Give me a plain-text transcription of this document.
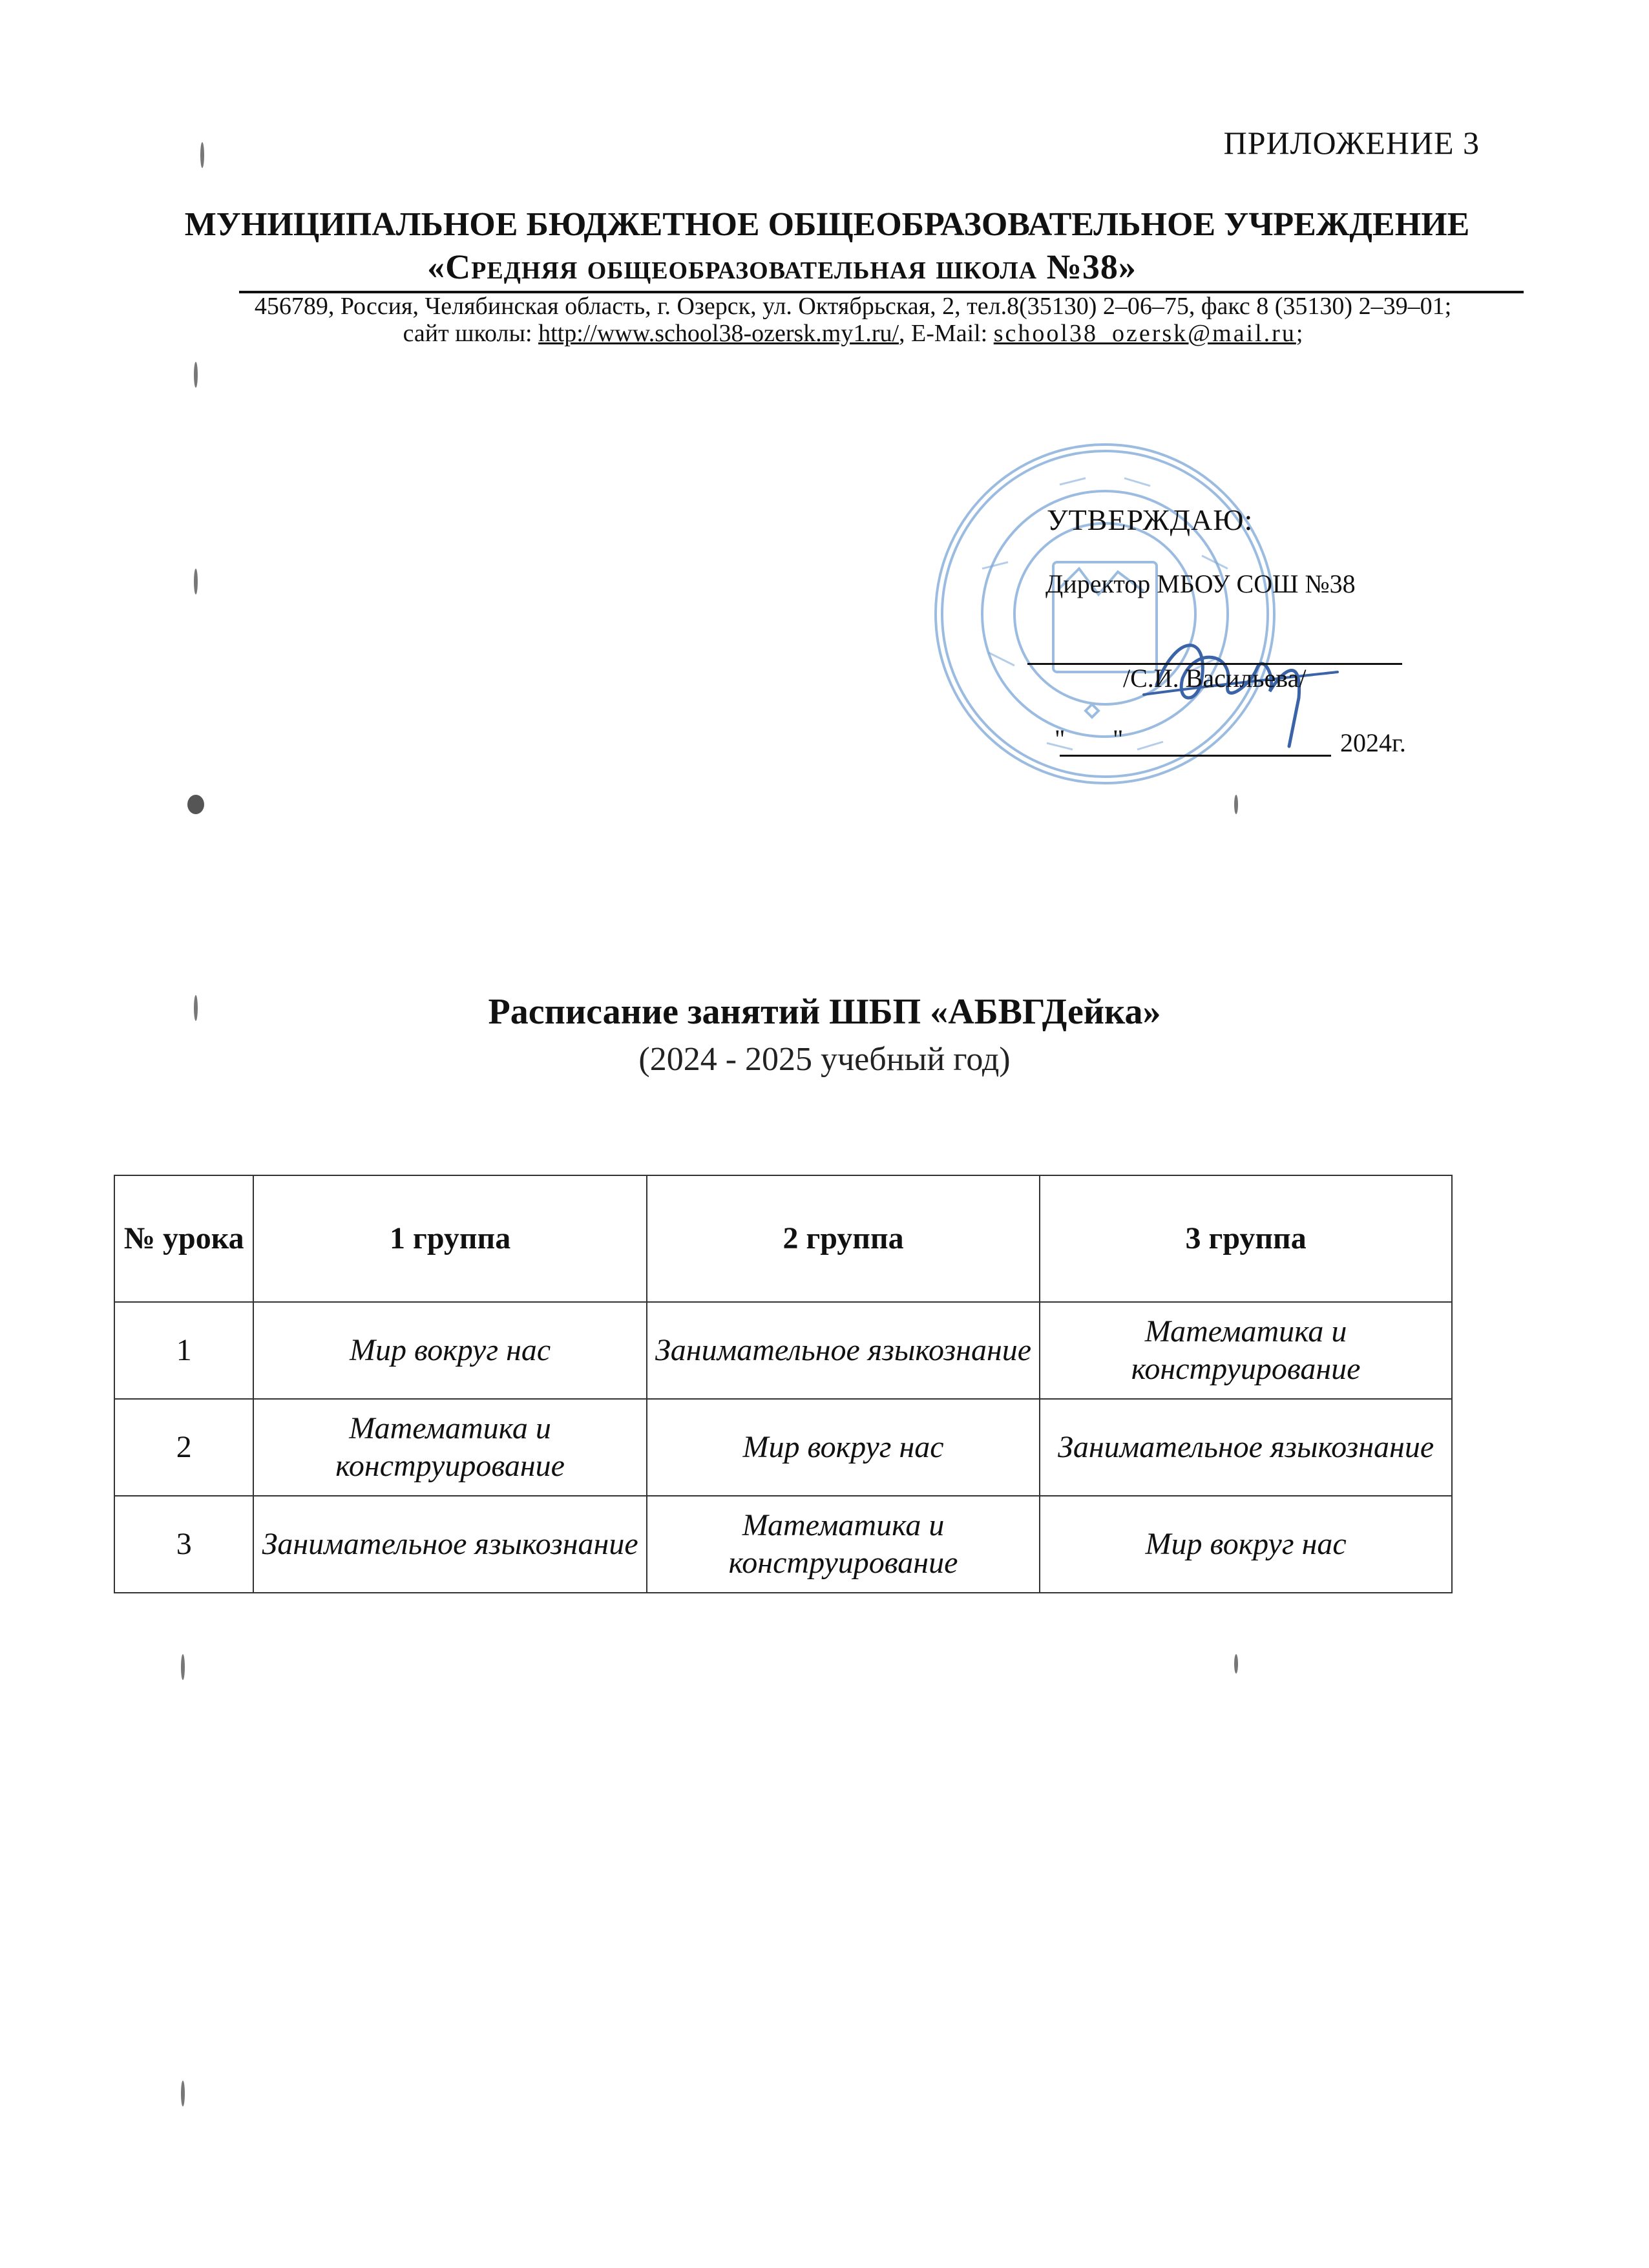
ПРИЛОЖЕНИЕ 3
МУНИЦИПАЛЬНОЕ БЮДЖЕТНОЕ ОБЩЕОБРАЗОВАТЕЛЬНОЕ УЧРЕЖДЕНИЕ
«Средняя общеобразовательная школа №38»
456789, Россия, Челябинская область, г. Озерск, ул. Октябрьская, 2, тел.8(35130) 2–06–75, факс 8 (35130) 2–39–01;
сайт школы: http://www.school38-ozersk.my1.ru/, E-Mail: school38_ozersk@mail.ru;
УТВЕРЖДАЮ:
Директор МБОУ СОШ №38
/С.И. Васильева/
" "	2024г.
Расписание занятий ШБП «АБВГДейка»
(2024 - 2025 учебный год)
№ урока	1 группа	2 группа	3 группа
1	Мир вокруг нас	Занимательное языкознание	Математика и конструирование
2	Математика и конструирование	Мир вокруг нас	Занимательное языкознание
3	Занимательное языкознание	Математика и конструирование	Мир вокруг нас
